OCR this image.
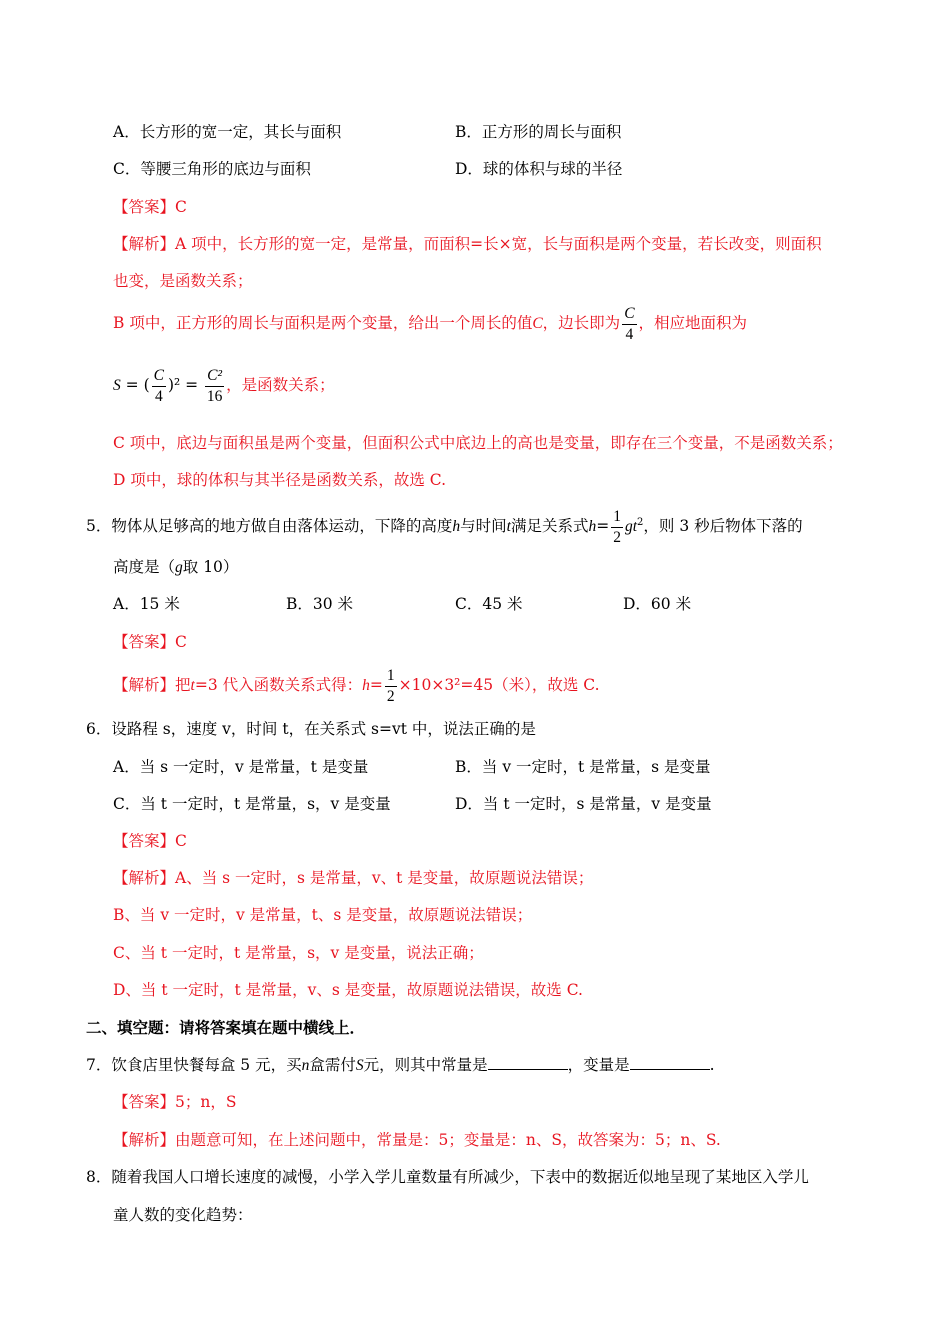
A．长方形的宽一定，其长与面积	B．正方形的周长与面积
C．等腰三角形的底边与面积	D．球的体积与球的半径
【答案】C
【解析】A 项中，长方形的宽一定，是常量，而面积=长×宽，长与面积是两个变量，若长改变，则面积
也变，是函数关系；
B 项中，正方形的周长与面积是两个变量，给出一个周长的值C，边长即为 $\frac{C}{4}$ ，相应地面积为
S = ( $\frac{C}{4} )^2 = \frac{\text{C²}}{16}$ ，是函数关系；
C 项中，底边与面积虽是两个变量，但面积公式中底边上的高也是变量，即存在三个变量，不是函数关系；
D 项中，球的体积与其半径是函数关系，故选 C.
5．物体从足够高的地方做自由落体运动，下降的高度h与时间t满足关系式$h= \frac{1}{2} gt^2$，则 3 秒后物体下落的
高度是（g取 10）
A．15 米	B．30 米	C．45 米	D．60 米
【答案】C
【解析】把t=3 代入函数关系式得：$h= \frac{1}{2} \times 10\times 3^2=45$（米），故选 C.
6．设路程 s，速度 v，时间 t，在关系式 s=vt 中，说法正确的是
A．当 s 一定时，v 是常量，t 是变量	B．当 v 一定时，t 是常量，s 是变量
C．当 t 一定时，t 是常量，s，v 是变量	D．当 t 一定时，s 是常量，v 是变量
【答案】C
【解析】A、当 s 一定时，s 是常量，v、t 是变量，故原题说法错误；
B、当 v 一定时，v 是常量，t、s 是变量，故原题说法错误；
C、当 t 一定时，t 是常量，s，v 是变量，说法正确；
D、当 t 一定时，t 是常量，v、s 是变量，故原题说法错误，故选 C.
二、填空题：请将答案填在题中横线上．
7．饮食店里快餐每盒 5 元，买n盒需付S元，则其中常量是	，变量是	.
【答案】5；n，S
【解析】由题意可知，在上述问题中，常量是：5；变量是：n、S，故答案为：5；n、S.
8．随着我国人口增长速度的减慢，小学入学儿童数量有所减少，下表中的数据近似地呈现了某地区入学儿
童人数的变化趋势：
